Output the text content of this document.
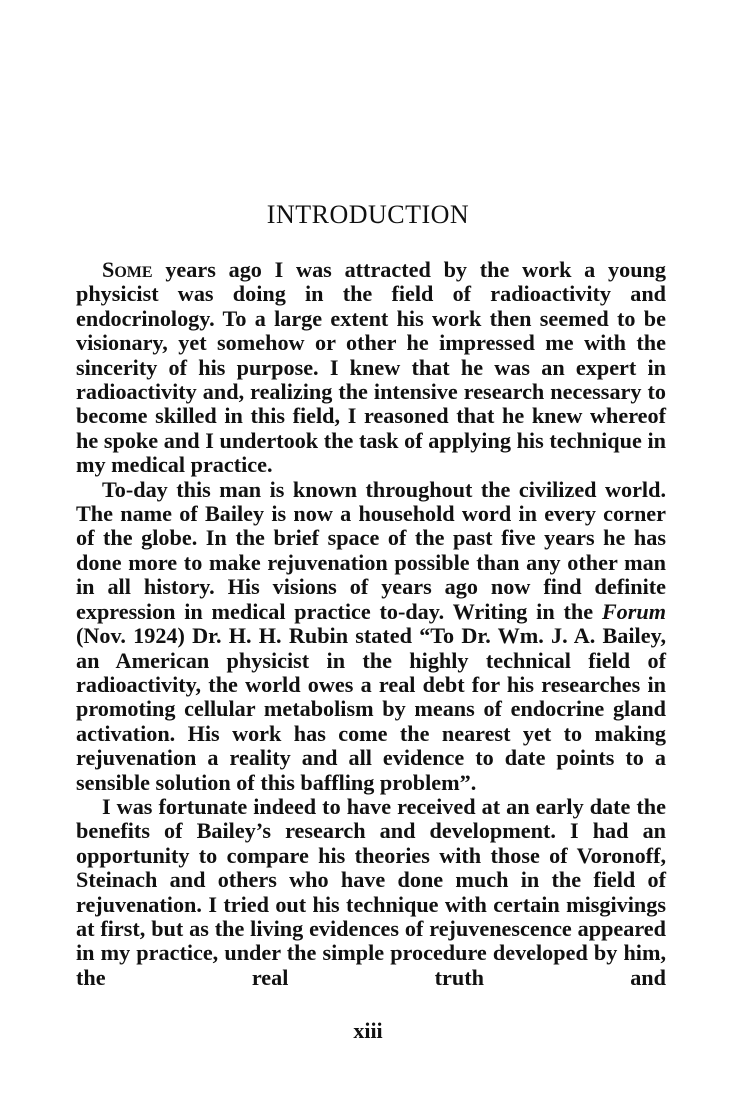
INTRODUCTION

Some years ago I was attracted by the work a young physicist was doing in the field of radioactivity and endocrinology. To a large extent his work then seemed to be visionary, yet somehow or other he impressed me with the sincerity of his purpose. I knew that he was an expert in radioactivity and, realizing the intensive research necessary to become skilled in this field, I reasoned that he knew whereof he spoke and I undertook the task of applying his technique in my medical practice.

To-day this man is known throughout the civilized world. The name of Bailey is now a household word in every corner of the globe. In the brief space of the past five years he has done more to make rejuvenation possible than any other man in all history. His visions of years ago now find definite expression in medical practice to-day. Writing in the Forum (Nov. 1924) Dr. H. H. Rubin stated “To Dr. Wm. J. A. Bailey, an American physicist in the highly technical field of radioactivity, the world owes a real debt for his researches in promoting cellular metabolism by means of endocrine gland activation. His work has come the nearest yet to making rejuvenation a reality and all evidence to date points to a sensible solution of this baffling problem”.

I was fortunate indeed to have received at an early date the benefits of Bailey’s research and development. I had an opportunity to compare his theories with those of Voronoff, Steinach and others who have done much in the field of rejuvenation. I tried out his technique with certain misgivings at first, but as the living evidences of rejuvenescence appeared in my practice, under the simple procedure developed by him, the real truth and

xiii
